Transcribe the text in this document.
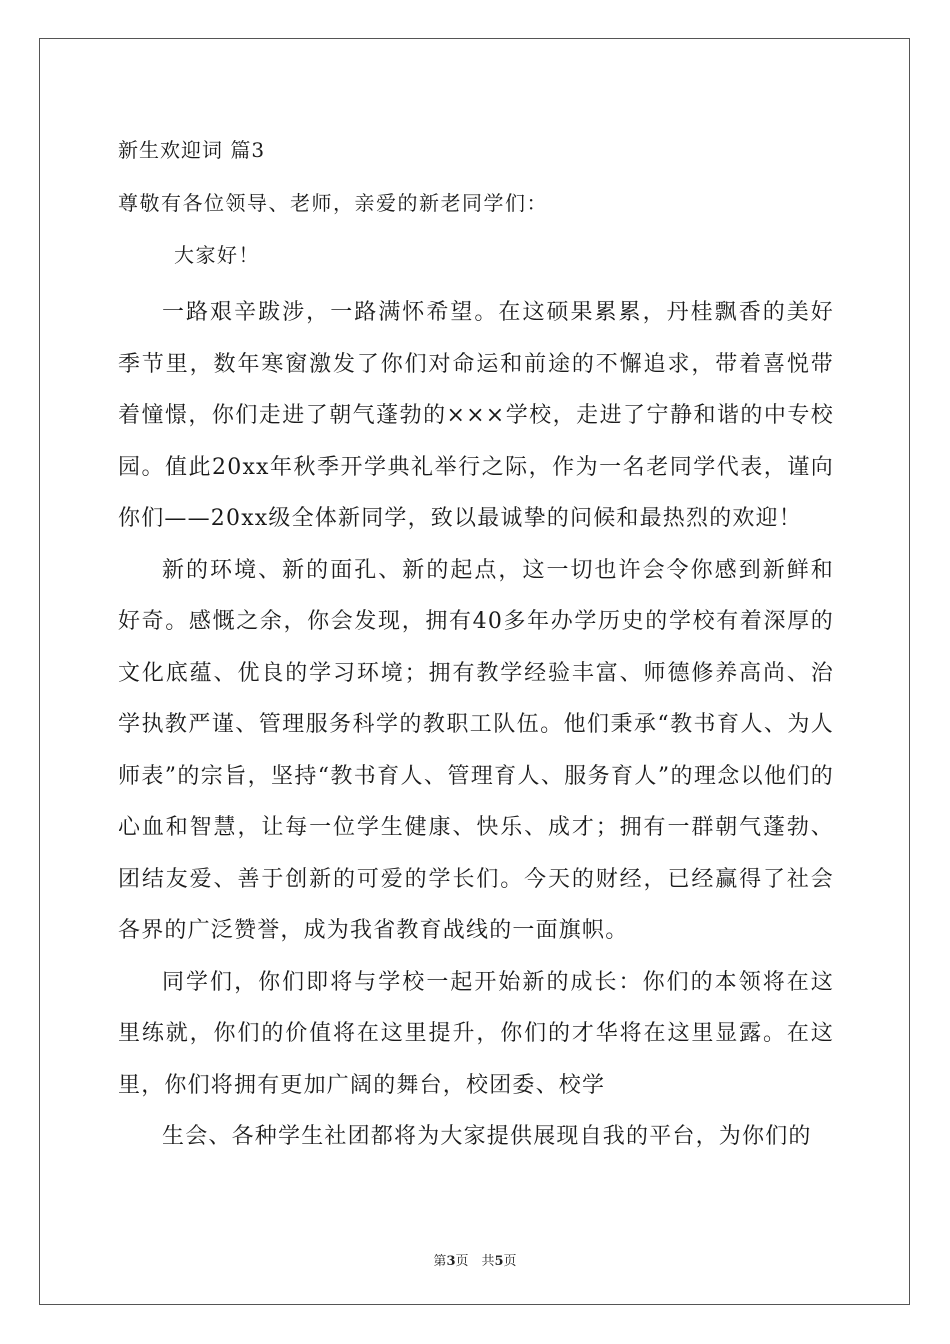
新生欢迎词 篇3
尊敬有各位领导、老师，亲爱的新老同学们：
大家好！

一路艰辛跋涉，一路满怀希望。在这硕果累累，丹桂飘香的美好季节里，数年寒窗激发了你们对命运和前途的不懈追求，带着喜悦带着憧憬，你们走进了朝气蓬勃的×××学校，走进了宁静和谐的中专校园。值此20xx年秋季开学典礼举行之际，作为一名老同学代表，谨向你们——20xx级全体新同学，致以最诚挚的问候和最热烈的欢迎！

新的环境、新的面孔、新的起点，这一切也许会令你感到新鲜和好奇。感慨之余，你会发现，拥有40多年办学历史的学校有着深厚的文化底蕴、优良的学习环境；拥有教学经验丰富、师德修养高尚、治学执教严谨、管理服务科学的教职工队伍。他们秉承“教书育人、为人师表”的宗旨，坚持“教书育人、管理育人、服务育人”的理念以他们的心血和智慧，让每一位学生健康、快乐、成才；拥有一群朝气蓬勃、团结友爱、善于创新的可爱的学长们。今天的财经，已经赢得了社会各界的广泛赞誉，成为我省教育战线的一面旗帜。

同学们，你们即将与学校一起开始新的成长：你们的本领将在这里练就，你们的价值将在这里提升，你们的才华将在这里显露。在这里，你们将拥有更加广阔的舞台，校团委、校学

生会、各种学生社团都将为大家提供展现自我的平台，为你们的

第3页　共5页
